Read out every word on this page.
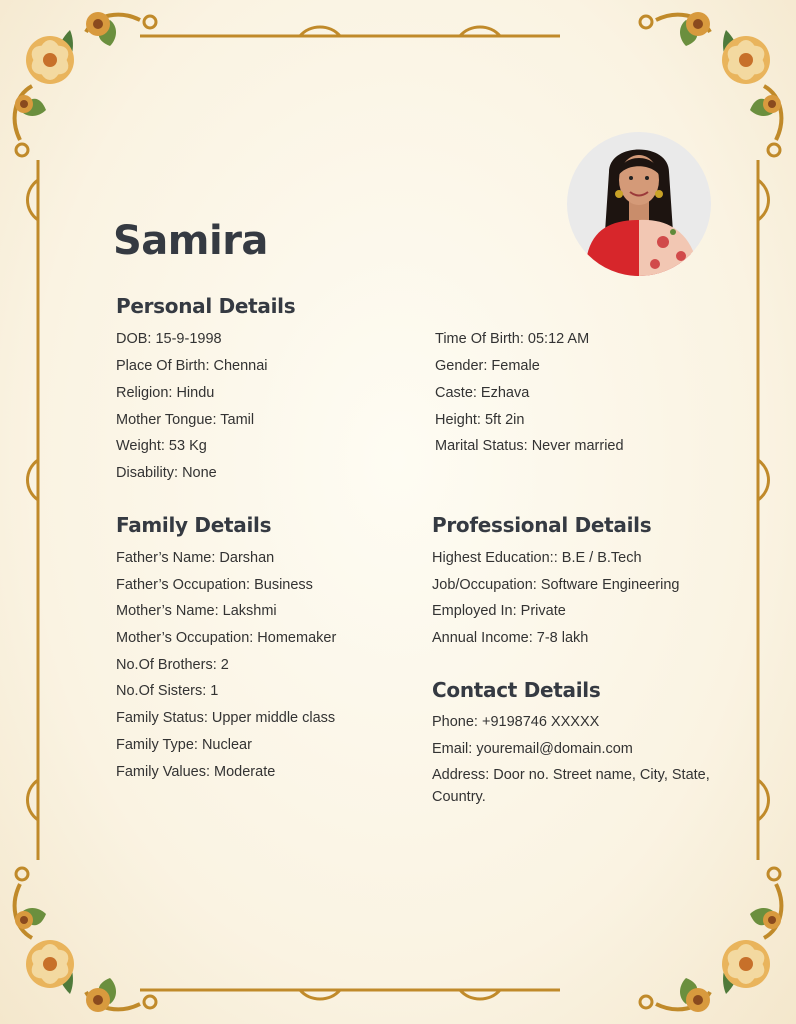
Samira
Personal Details
DOB: 15-9-1998
Place Of Birth: Chennai
Religion: Hindu
Mother Tongue: Tamil
Weight: 53 Kg
Disability: None
Time Of Birth: 05:12 AM
Gender: Female
Caste: Ezhava
Height: 5ft 2in
Marital Status: Never married
Family Details
Father’s Name: Darshan
Father’s Occupation: Business
Mother’s Name: Lakshmi
Mother’s Occupation: Homemaker
No.Of Brothers: 2
No.Of Sisters: 1
Family Status: Upper middle class
Family Type: Nuclear
Family Values: Moderate
Professional Details
Highest Education:: B.E / B.Tech
Job/Occupation: Software Engineering
Employed In: Private
Annual Income: 7-8 lakh
Contact Details
Phone: +9198746 XXXXX
Email: youremail@domain.com
Address: Door no. Street name, City, State, Country.
